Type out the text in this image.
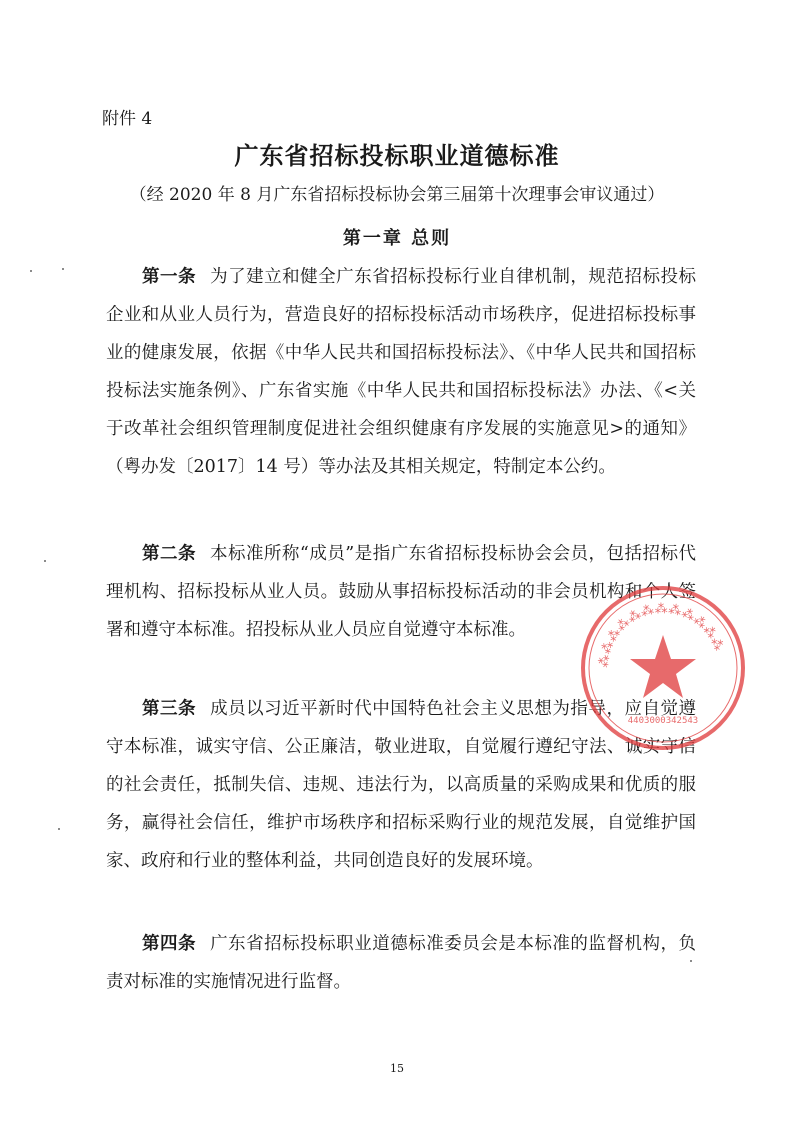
附件 4
广东省招标投标职业道德标准
（经 2020 年 8 月广东省招标投标协会第三届第十次理事会审议通过）
第一章 总则
第一条 为了建立和健全广东省招标投标行业自律机制，规范招标投标企业和从业人员行为，营造良好的招标投标活动市场秩序，促进招标投标事业的健康发展，依据《中华人民共和国招标投标法》、《中华人民共和国招标投标法实施条例》、广东省实施《中华人民共和国招标投标法》办法、《<关于改革社会组织管理制度促进社会组织健康有序发展的实施意见>的通知》（粤办发〔2017〕14 号）等办法及其相关规定，特制定本公约。
第二条 本标准所称“成员”是指广东省招标投标协会会员，包括招标代理机构、招标投标从业人员。鼓励从事招标投标活动的非会员机构和个人签署和遵守本标准。招投标从业人员应自觉遵守本标准。
第三条 成员以习近平新时代中国特色社会主义思想为指导，应自觉遵守本标准，诚实守信、公正廉洁，敬业进取，自觉履行遵纪守法、诚实守信的社会责任，抵制失信、违规、违法行为，以高质量的采购成果和优质的服务，赢得社会信任，维护市场秩序和招标采购行业的规范发展，自觉维护国家、政府和行业的整体利益，共同创造良好的发展环境。
第四条 广东省招标投标职业道德标准委员会是本标准的监督机构，负责对标准的实施情况进行监督。
⁂⁂⁂⁂⁂⁂⁂⁂⁂⁂⁂⁂
4403000342543
15
